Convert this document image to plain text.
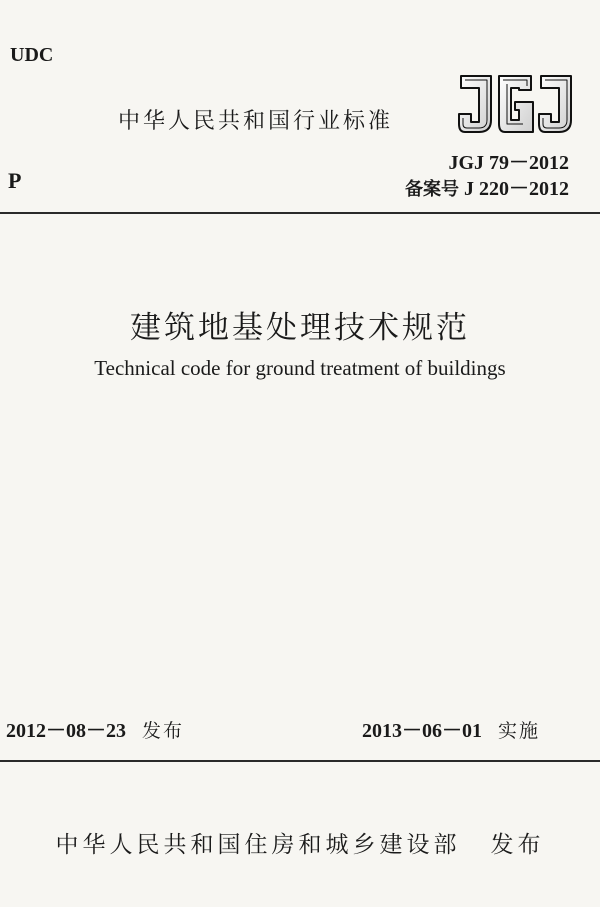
UDC
P
中华人民共和国行业标准
JGJ 79－2012
备案号 J 220－2012
建筑地基处理技术规范
Technical code for ground treatment of buildings
2012－08－23 发布	2013－06－01 实施
中华人民共和国住房和城乡建设部 发布
